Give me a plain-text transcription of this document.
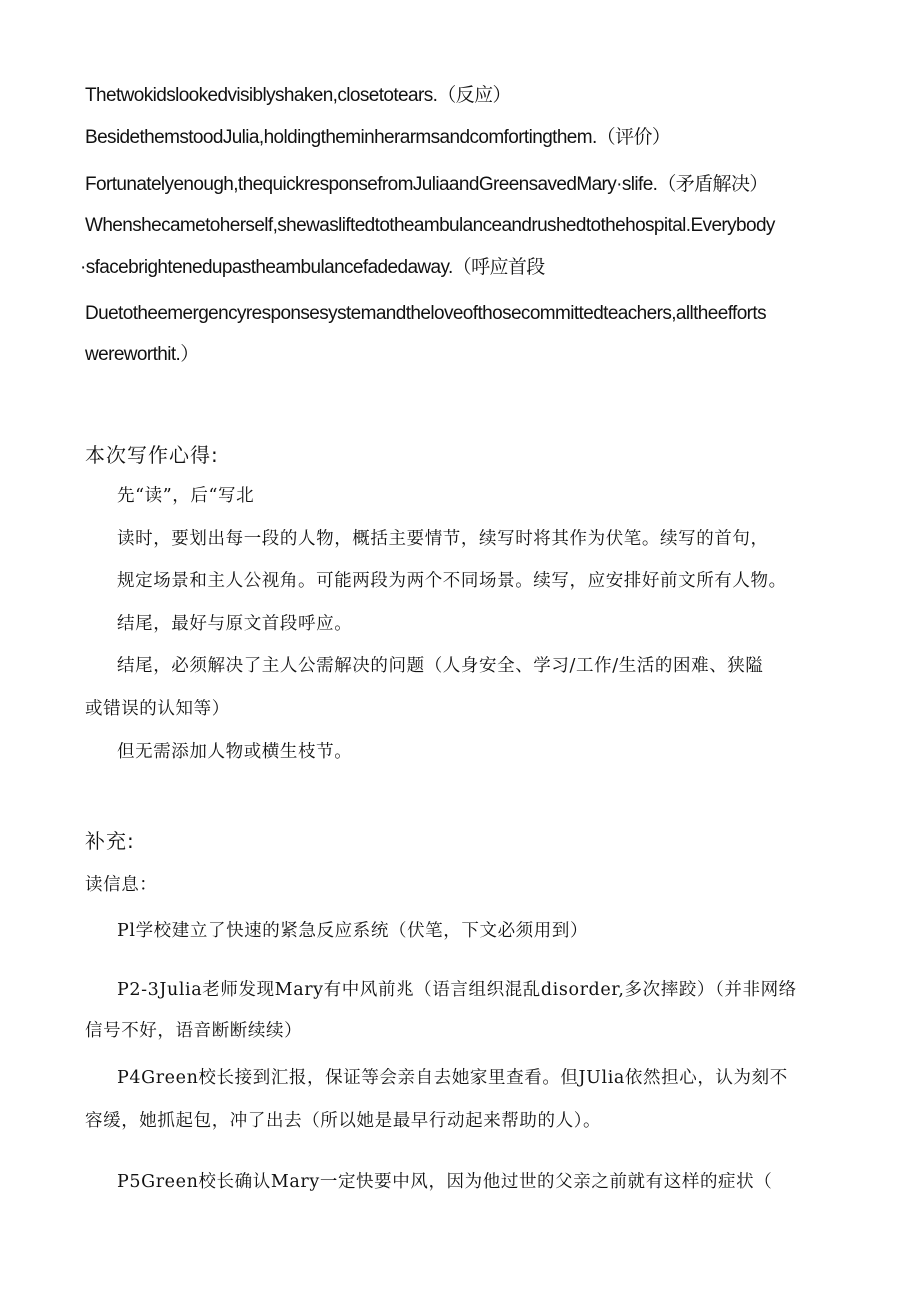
Thetwokidslookedvisiblyshaken,closetotears.（反应）

BesidethemstoodJulia,holdingtheminherarmsandcomfortingthem.（评价）

Fortunatelyenough,thequickresponsefromJuliaandGreensavedMary·slife.（矛盾解决）

Whenshecametoherself,shewasliftedtotheambulanceandrushedtothehospital.Everybody

·sfacebrightenedupastheambulancefadedaway.（呼应首段

Duetotheemergencyresponsesystemandtheloveofthosecommittedteachers,alltheefforts

wereworthit.）

本次写作心得:

先“读”，后“写北

读时，要划出每一段的人物，概括主要情节，续写时将其作为伏笔。续写的首句，

规定场景和主人公视角。可能两段为两个不同场景。续写，应安排好前文所有人物。

结尾，最好与原文首段呼应。

结尾，必须解决了主人公需解决的问题（人身安全、学习/工作/生活的困难、狭隘

或错误的认知等）

但无需添加人物或横生枝节。

补充:

读信息：

Pl学校建立了快速的紧急反应系统（伏笔，下文必须用到）

P2-3Julia老师发现Mary有中风前兆（语言组织混乱disorder,多次摔跤）（并非网络

信号不好，语音断断续续）

P4Green校长接到汇报，保证等会亲自去她家里查看。但JUlia依然担心，认为刻不

容缓，她抓起包，冲了出去（所以她是最早行动起来帮助的人）。

P5Green校长确认Mary一定快要中风，因为他过世的父亲之前就有这样的症状（
